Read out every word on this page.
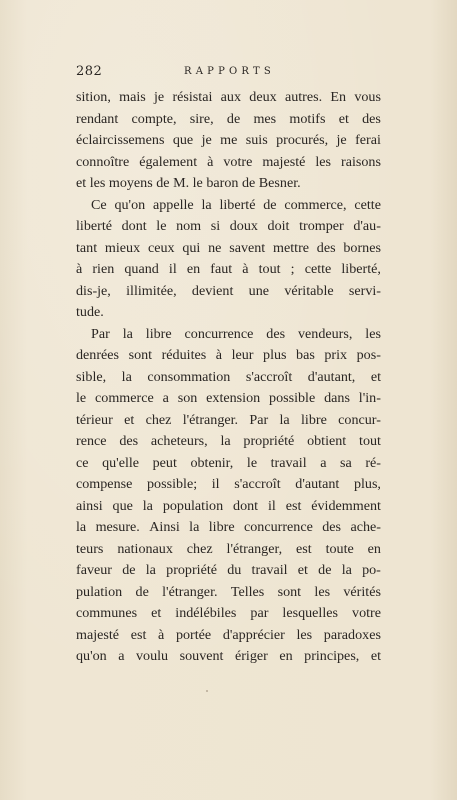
282	RAPPORTS
sition, mais je résistai aux deux autres. En vous
rendant compte, sire, de mes motifs et des
éclaircissemens que je me suis procurés, je ferai
connoître également à votre majesté les raisons
et les moyens de M. le baron de Besner.
Ce qu'on appelle la liberté de commerce, cette
liberté dont le nom si doux doit tromper d'au-
tant mieux ceux qui ne savent mettre des bornes
à rien quand il en faut à tout ; cette liberté,
dis-je, illimitée, devient une véritable servi-
tude.
Par la libre concurrence des vendeurs, les
denrées sont réduites à leur plus bas prix pos-
sible, la consommation s'accroît d'autant, et
le commerce a son extension possible dans l'in-
térieur et chez l'étranger. Par la libre concur-
rence des acheteurs, la propriété obtient tout
ce qu'elle peut obtenir, le travail a sa ré-
compense possible; il s'accroît d'autant plus,
ainsi que la population dont il est évidemment
la mesure. Ainsi la libre concurrence des ache-
teurs nationaux chez l'étranger, est toute en
faveur de la propriété du travail et de la po-
pulation de l'étranger. Telles sont les vérités
communes et indélébiles par lesquelles votre
majesté est à portée d'apprécier les paradoxes
qu'on a voulu souvent ériger en principes, et
